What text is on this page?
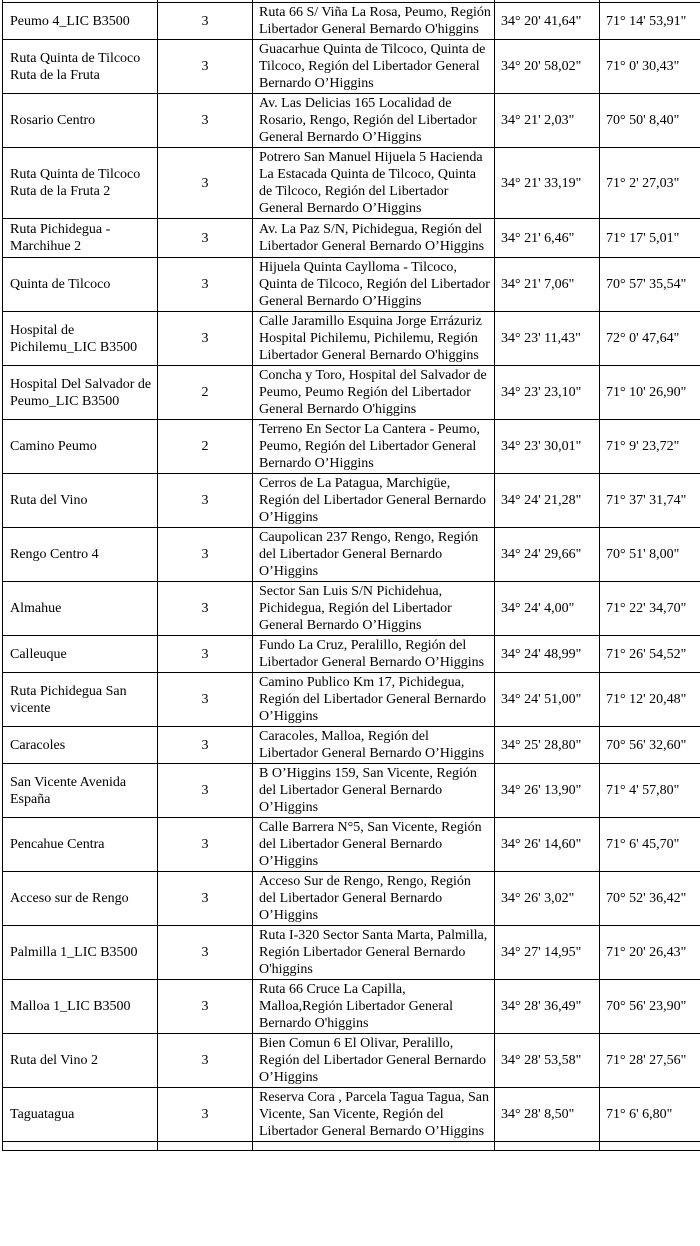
Peumo 4_LIC B3500	3	Ruta 66 S/ Viña La Rosa, Peumo, Región Libertador General Bernardo O'higgins	34° 20' 41,64"	71° 14' 53,91"
Ruta Quinta de Tilcoco Ruta de la Fruta	3	Guacarhue Quinta de Tilcoco, Quinta de Tilcoco, Región del Libertador General Bernardo O’Higgins	34° 20' 58,02"	71° 0' 30,43"
Rosario Centro	3	Av. Las Delicias 165 Localidad de Rosario, Rengo, Región del Libertador General Bernardo O’Higgins	34° 21' 2,03"	70° 50' 8,40"
Ruta Quinta de Tilcoco Ruta de la Fruta 2	3	Potrero San Manuel Hijuela 5 Hacienda La Estacada Quinta de Tilcoco, Quinta de Tilcoco, Región del Libertador General Bernardo O’Higgins	34° 21' 33,19"	71° 2' 27,03"
Ruta Pichidegua - Marchihue 2	3	Av. La Paz S/N, Pichidegua, Región del Libertador General Bernardo O’Higgins	34° 21' 6,46"	71° 17' 5,01"
Quinta de Tilcoco	3	Hijuela Quinta Caylloma - Tilcoco, Quinta de Tilcoco, Región del Libertador General Bernardo O’Higgins	34° 21' 7,06"	70° 57' 35,54"
Hospital de Pichilemu_LIC B3500	3	Calle Jaramillo Esquina Jorge Errázuriz Hospital Pichilemu, Pichilemu, Región Libertador General Bernardo O'higgins	34° 23' 11,43"	72° 0' 47,64"
Hospital Del Salvador de Peumo_LIC B3500	2	Concha y Toro, Hospital del Salvador de Peumo, Peumo Región del Libertador General Bernardo O'higgins	34° 23' 23,10"	71° 10' 26,90"
Camino Peumo	2	Terreno En Sector La Cantera - Peumo, Peumo, Región del Libertador General Bernardo O’Higgins	34° 23' 30,01"	71° 9' 23,72"
Ruta del Vino	3	Cerros de La Patagua, Marchigüe, Región del Libertador General Bernardo O’Higgins	34° 24' 21,28"	71° 37' 31,74"
Rengo Centro 4	3	Caupolican 237 Rengo, Rengo, Región del Libertador General Bernardo O’Higgins	34° 24' 29,66"	70° 51' 8,00"
Almahue	3	Sector San Luis S/N Pichidehua, Pichidegua, Región del Libertador General Bernardo O’Higgins	34° 24' 4,00"	71° 22' 34,70"
Calleuque	3	Fundo La Cruz, Peralillo, Región del Libertador General Bernardo O’Higgins	34° 24' 48,99"	71° 26' 54,52"
Ruta Pichidegua San vicente	3	Camino Publico Km 17, Pichidegua, Región del Libertador General Bernardo O’Higgins	34° 24' 51,00"	71° 12' 20,48"
Caracoles	3	Caracoles, Malloa, Región del Libertador General Bernardo O’Higgins	34° 25' 28,80"	70° 56' 32,60"
San Vicente Avenida España	3	B O’Higgins 159, San Vicente, Región del Libertador General Bernardo O’Higgins	34° 26' 13,90"	71° 4' 57,80"
Pencahue Centra	3	Calle Barrera N°5, San Vicente, Región del Libertador General Bernardo O’Higgins	34° 26' 14,60"	71° 6' 45,70"
Acceso sur de Rengo	3	Acceso Sur de Rengo, Rengo, Región del Libertador General Bernardo O’Higgins	34° 26' 3,02"	70° 52' 36,42"
Palmilla 1_LIC B3500	3	Ruta I-320 Sector Santa Marta, Palmilla, Región Libertador General Bernardo O'higgins	34° 27' 14,95"	71° 20' 26,43"
Malloa 1_LIC B3500	3	Ruta 66 Cruce La Capilla, Malloa,Región Libertador General Bernardo O'higgins	34° 28' 36,49"	70° 56' 23,90"
Ruta del Vino 2	3	Bien Comun 6 El Olivar, Peralillo, Región del Libertador General Bernardo O’Higgins	34° 28' 53,58"	71° 28' 27,56"
Taguatagua	3	Reserva Cora , Parcela Tagua Tagua, San Vicente, San Vicente, Región del Libertador General Bernardo O’Higgins	34° 28' 8,50"	71° 6' 6,80"
